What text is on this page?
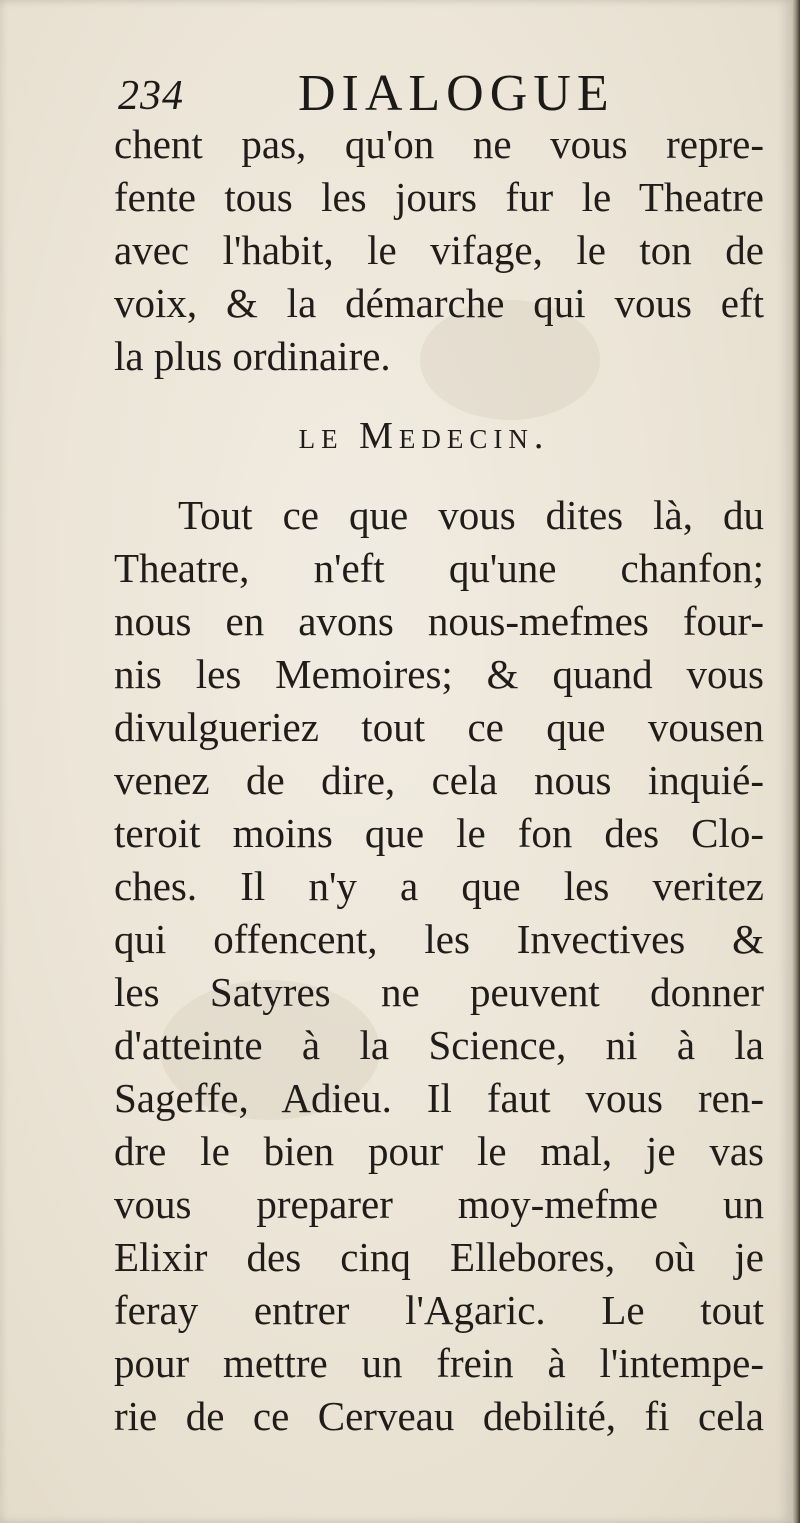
234 DIALOGUE
chent pas, qu'on ne vous repre-
fente tous les jours fur le Theatre
avec l'habit, le vifage, le ton de
voix, & la démarche qui vous eft
la plus ordinaire.
le Medecin.
Tout ce que vous dites là, du
Theatre, n'eft qu'une chanfon;
nous en avons nous-mefmes four-
nis les Memoires; & quand vous
divulgueriez tout ce que vousen
venez de dire, cela nous inquié-
teroit moins que le fon des Clo-
ches. Il n'y a que les veritez
qui offencent, les Invectives &
les Satyres ne peuvent donner
d'atteinte à la Science, ni à la
Sageffe, Adieu. Il faut vous ren-
dre le bien pour le mal, je vas
vous preparer moy-mefme un
Elixir des cinq Ellebores, où je
feray entrer l'Agaric. Le tout
pour mettre un frein à l'intempe-
rie de ce Cerveau debilité, fi cela
